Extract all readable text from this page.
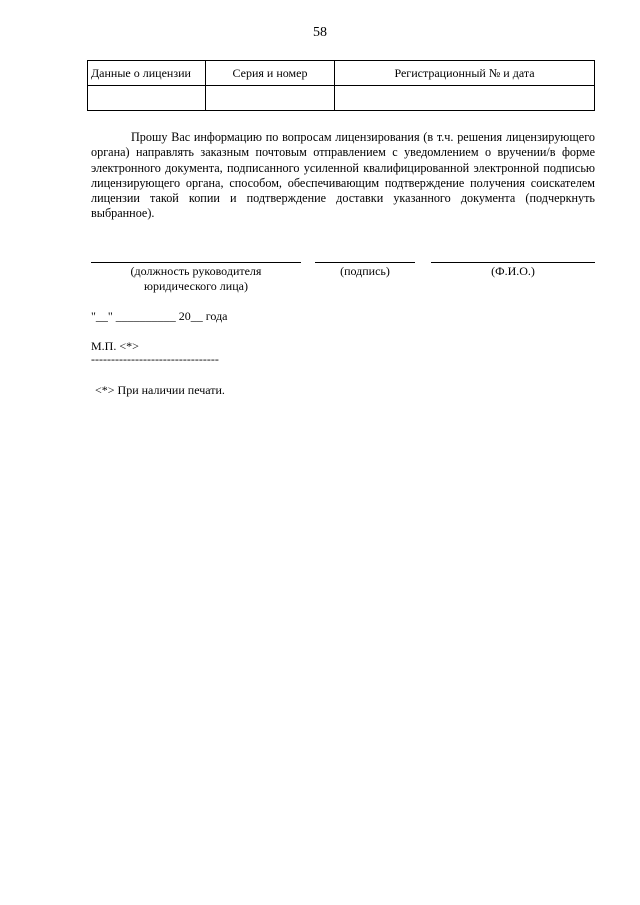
58
Данные о лицензии	Серия и номер	Регистрационный № и дата

Прошу Вас информацию по вопросам лицензирования (в т.ч. решения лицензирующего органа) направлять заказным почтовым отправлением с уведомлением о вручении/в форме электронного документа, подписанного усиленной квалифицированной электронной подписью лицензирующего органа, способом, обеспечивающим подтверждение получения соискателем лицензии такой копии и подтверждение доставки указанного документа (подчеркнуть выбранное).
(должность руководителя
юридического лица)
(подпись)	(Ф.И.О.)
"__" __________ 20__ года
М.П. <*>
--------------------------------
<*> При наличии печати.
